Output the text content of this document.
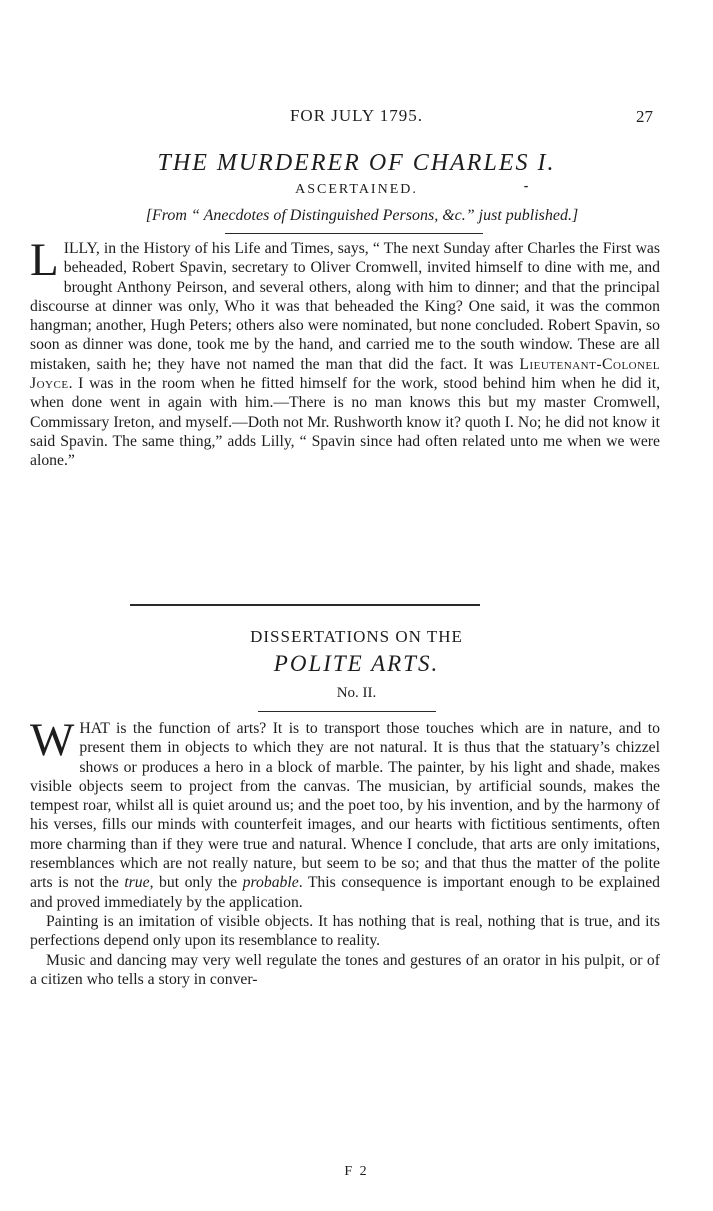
FOR JULY 1795.	27
THE MURDERER OF CHARLES I.
ASCERTAINED.	⁃
[From “ Anecdotes of Distinguished Persons, &c.” just published.]

LILLY, in the History of his Life and Times, says, “ The next Sunday after Charles the First was beheaded, Robert Spavin, secretary to Oliver Cromwell, invited himself to dine with me, and brought Anthony Peirson, and several others, along with him to dinner; and that the principal discourse at dinner was only, Who it was that beheaded the King? One said, it was the common hangman; another, Hugh Peters; others also were nominated, but none concluded. Robert Spavin, so soon as dinner was done, took me by the hand, and carried me to the south window. These are all mistaken, saith he; they have not named the man that did the fact. It was Lieutenant-Colonel Joyce. I was in the room when he fitted himself for the work, stood behind him when he did it, when done went in again with him.—There is no man knows this but my master Cromwell, Commissary Ireton, and myself.—Doth not Mr. Rushworth know it? quoth I. No; he did not know it said Spavin. The same thing,” adds Lilly, “ Spavin since had often related unto me when we were alone.”

DISSERTATIONS ON THE
POLITE ARTS.
No. II.

WHAT is the function of arts? It is to transport those touches which are in nature, and to present them in objects to which they are not natural. It is thus that the statuary’s chizzel shows or produces a hero in a block of marble. The painter, by his light and shade, makes visible objects seem to project from the canvas. The musician, by artificial sounds, makes the tempest roar, whilst all is quiet around us; and the poet too, by his invention, and by the harmony of his verses, fills our minds with counterfeit images, and our hearts with fictitious sentiments, often more charming than if they were true and natural. Whence I conclude, that arts are only imitations, resemblances which are not really nature, but seem to be so; and that thus the matter of the polite arts is not the true, but only the probable. This consequence is important enough to be explained and proved immediately by the application.

Painting is an imitation of visible objects. It has nothing that is real, nothing that is true, and its perfections depend only upon its resemblance to reality.

Music and dancing may very well regulate the tones and gestures of an orator in his pulpit, or of a citizen who tells a story in conver-

F 2
